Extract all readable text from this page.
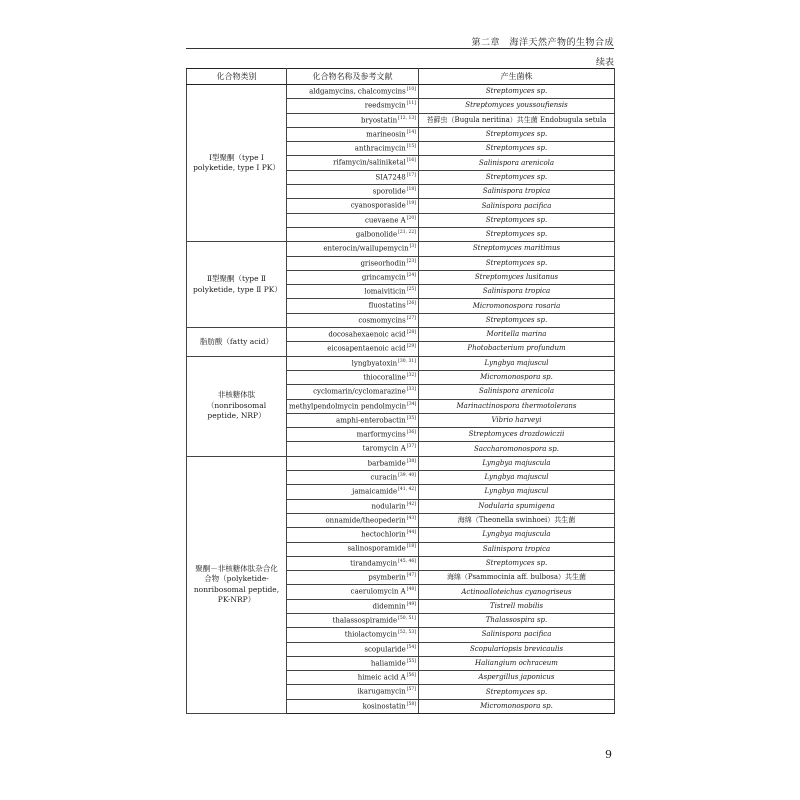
第二章　海洋天然产物的生物合成
续表
化合物类别	化合物名称及参考文献	产生菌株
Ⅰ型聚酮（type Ⅰ polyketide, type Ⅰ PK）	aldgamycins, chalcomycins[10]	Streptomyces sp.
	reedsmycin[11]	Streptomyces youssoufiensis
	bryostatin[12, 13]	苔藓虫（Bugula neritina）共生菌 Endobugula setula
	marineosin[14]	Streptomyces sp.
	anthracimycin[15]	Streptomyces sp.
	rifamycin/saliniketal[16]	Salinispora arenicola
	SIA7248[17]	Streptomyces sp.
	sporolide[18]	Salinispora tropica
	cyanosporaside[19]	Salinispora pacifica
	cuevaene A[20]	Streptomyces sp.
	galbonolide[21, 22]	Streptomyces sp.
Ⅱ型聚酮（type Ⅱ polyketide, type Ⅱ PK）	enterocin/wailupemycin[3]	Streptomyces maritimus
	griseorhodin[23]	Streptomyces sp.
	grincamycin[24]	Streptomyces lusitanus
	lomaiviticin[25]	Salinispora tropica
	fluostatins[26]	Micromonospora rosaria
	cosmomycins[27]	Streptomyces sp.
脂肪酸（fatty acid）	docosahexaenoic acid[28]	Moritella marina
	eicosapentaenoic acid[29]	Photobacterium profundum
非核糖体肽（nonribosomal peptide, NRP）	lyngbyatoxin[30, 31]	Lyngbya majuscul
	thiocoraline[32]	Micromonospora sp.
	cyclomarin/cyclomarazine[33]	Salinispora arenicola
	methylpendolmycin pendolmycin[34]	Marinactinospora thermotolerans
	amphi-enterobactin[35]	Vibrio harveyi
	marformycins[36]	Streptomyces drozdowiczii
	taromycin A[37]	Saccharomonospora sp.
聚酮－非核糖体肽杂合化合物（polyketide-nonribosomal peptide, PK-NRP）	barbamide[38]	Lyngbya majuscula
	curacin[39, 40]	Lyngbya majuscul
	jamaicamide[41, 42]	Lyngbya majuscul
	nodularin[42]	Nodularia spumigena
	onnamide/theopederin[43]	海绵（Theonella swinhoei）共生菌
	hectochlorin[44]	Lyngbya majuscula
	salinosporamide[18]	Salinispora tropica
	tirandamycin[45, 46]	Streptomyces sp.
	psymberin[47]	海绵（Psammocinia aff. bulbosa）共生菌
	caerulomycin A[48]	Actinoalloteichus cyanogriseus
	didemnin[49]	Tistrell mobilis
	thalassospiramide[50, 51]	Thalassospira sp.
	thiolactomycin[52, 53]	Salinispora pacifica
	scopularide[54]	Scopulariopsis brevicaulis
	haliamide[55]	Haliangium ochraceum
	himeic acid A[56]	Aspergillus japonicus
	ikarugamycin[57]	Streptomyces sp.
	kosinostatin[58]	Micromonospora sp.
9
